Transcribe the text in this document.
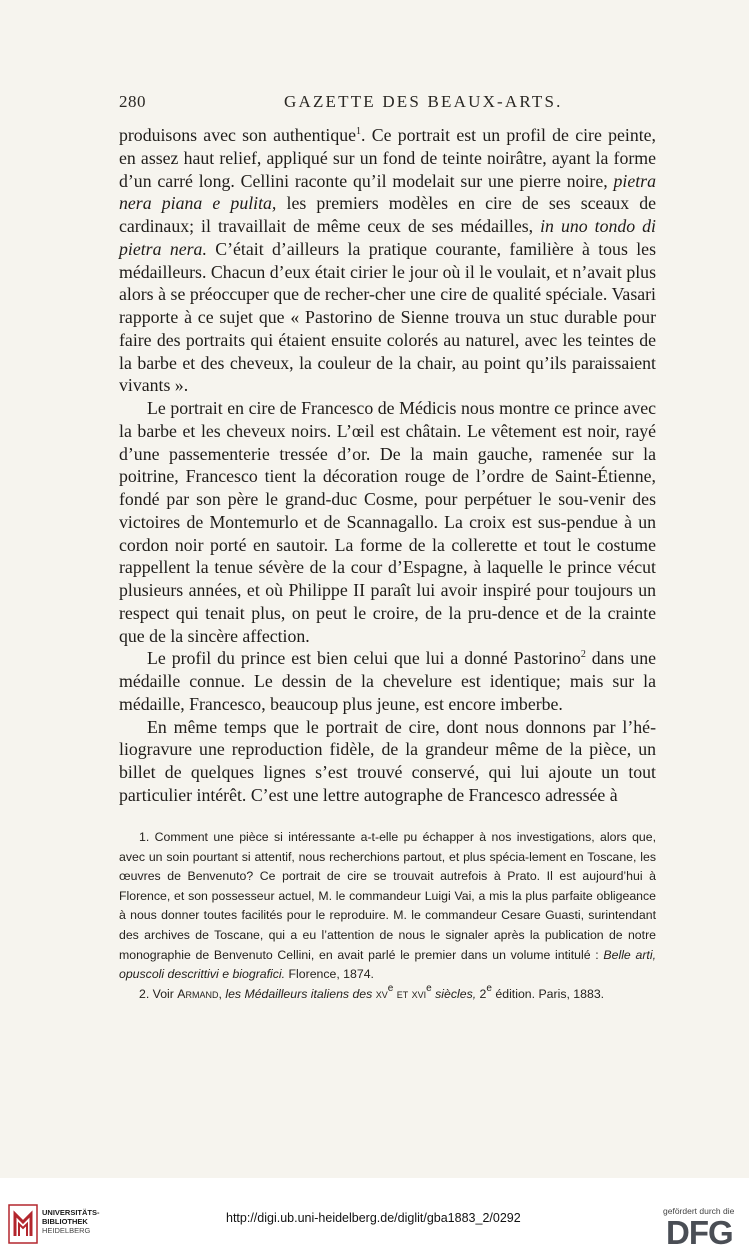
280	GAZETTE DES BEAUX-ARTS.

produisons avec son authentique$^1$. Ce portrait est un profil de cire peinte, en assez haut relief, appliqué sur un fond de teinte noirâtre, ayant la forme d’un carré long. Cellini raconte qu’il modelait sur une pierre noire, pietra nera piana e pulita, les premiers modèles en cire de ses sceaux de cardinaux; il travaillait de même ceux de ses médailles, in uno tondo di pietra nera. C’était d’ailleurs la pratique courante, familière à tous les médailleurs. Chacun d’eux était cirier le jour où il le voulait, et n’avait plus alors à se préoccuper que de recher-cher une cire de qualité spéciale. Vasari rapporte à ce sujet que « Pastorino de Sienne trouva un stuc durable pour faire des portraits qui étaient ensuite colorés au naturel, avec les teintes de la barbe et des cheveux, la couleur de la chair, au point qu’ils paraissaient vivants ».

Le portrait en cire de Francesco de Médicis nous montre ce prince avec la barbe et les cheveux noirs. L’œil est châtain. Le vêtement est noir, rayé d’une passementerie tressée d’or. De la main gauche, ramenée sur la poitrine, Francesco tient la décoration rouge de l’ordre de Saint-Étienne, fondé par son père le grand-duc Cosme, pour perpétuer le sou-venir des victoires de Montemurlo et de Scannagallo. La croix est sus-pendue à un cordon noir porté en sautoir. La forme de la collerette et tout le costume rappellent la tenue sévère de la cour d’Espagne, à laquelle le prince vécut plusieurs années, et où Philippe II paraît lui avoir inspiré pour toujours un respect qui tenait plus, on peut le croire, de la pru-dence et de la crainte que de la sincère affection.

Le profil du prince est bien celui que lui a donné Pastorino$^2$ dans une médaille connue. Le dessin de la chevelure est identique; mais sur la médaille, Francesco, beaucoup plus jeune, est encore imberbe.

En même temps que le portrait de cire, dont nous donnons par l’hé-liogravure une reproduction fidèle, de la grandeur même de la pièce, un billet de quelques lignes s’est trouvé conservé, qui lui ajoute un tout particulier intérêt. C’est une lettre autographe de Francesco adressée à

1. Comment une pièce si intéressante a-t-elle pu échapper à nos investigations, alors que, avec un soin pourtant si attentif, nous recherchions partout, et plus spécia-lement en Toscane, les œuvres de Benvenuto? Ce portrait de cire se trouvait autrefois à Prato. Il est aujourd’hui à Florence, et son possesseur actuel, M. le commandeur Luigi Vai, a mis la plus parfaite obligeance à nous donner toutes facilités pour le reproduire. M. le commandeur Cesare Guasti, surintendant des archives de Toscane, qui a eu l’attention de nous le signaler après la publication de notre monographie de Benvenuto Cellini, en avait parlé le premier dans un volume intitulé : Belle arti, opuscoli descrittivi e biografici. Florence, 1874.

2. Voir Armand, les Médailleurs italiens des $xv^e$ et xvi$^e$ siècles, 2e édition. Paris, 1883.

UNIVERSITÄTS-
BIBLIOTHEK
HEIDELBERG
http://digi.ub.uni-heidelberg.de/diglit/gba1883_2/0292	gefördert durch die
DFG
